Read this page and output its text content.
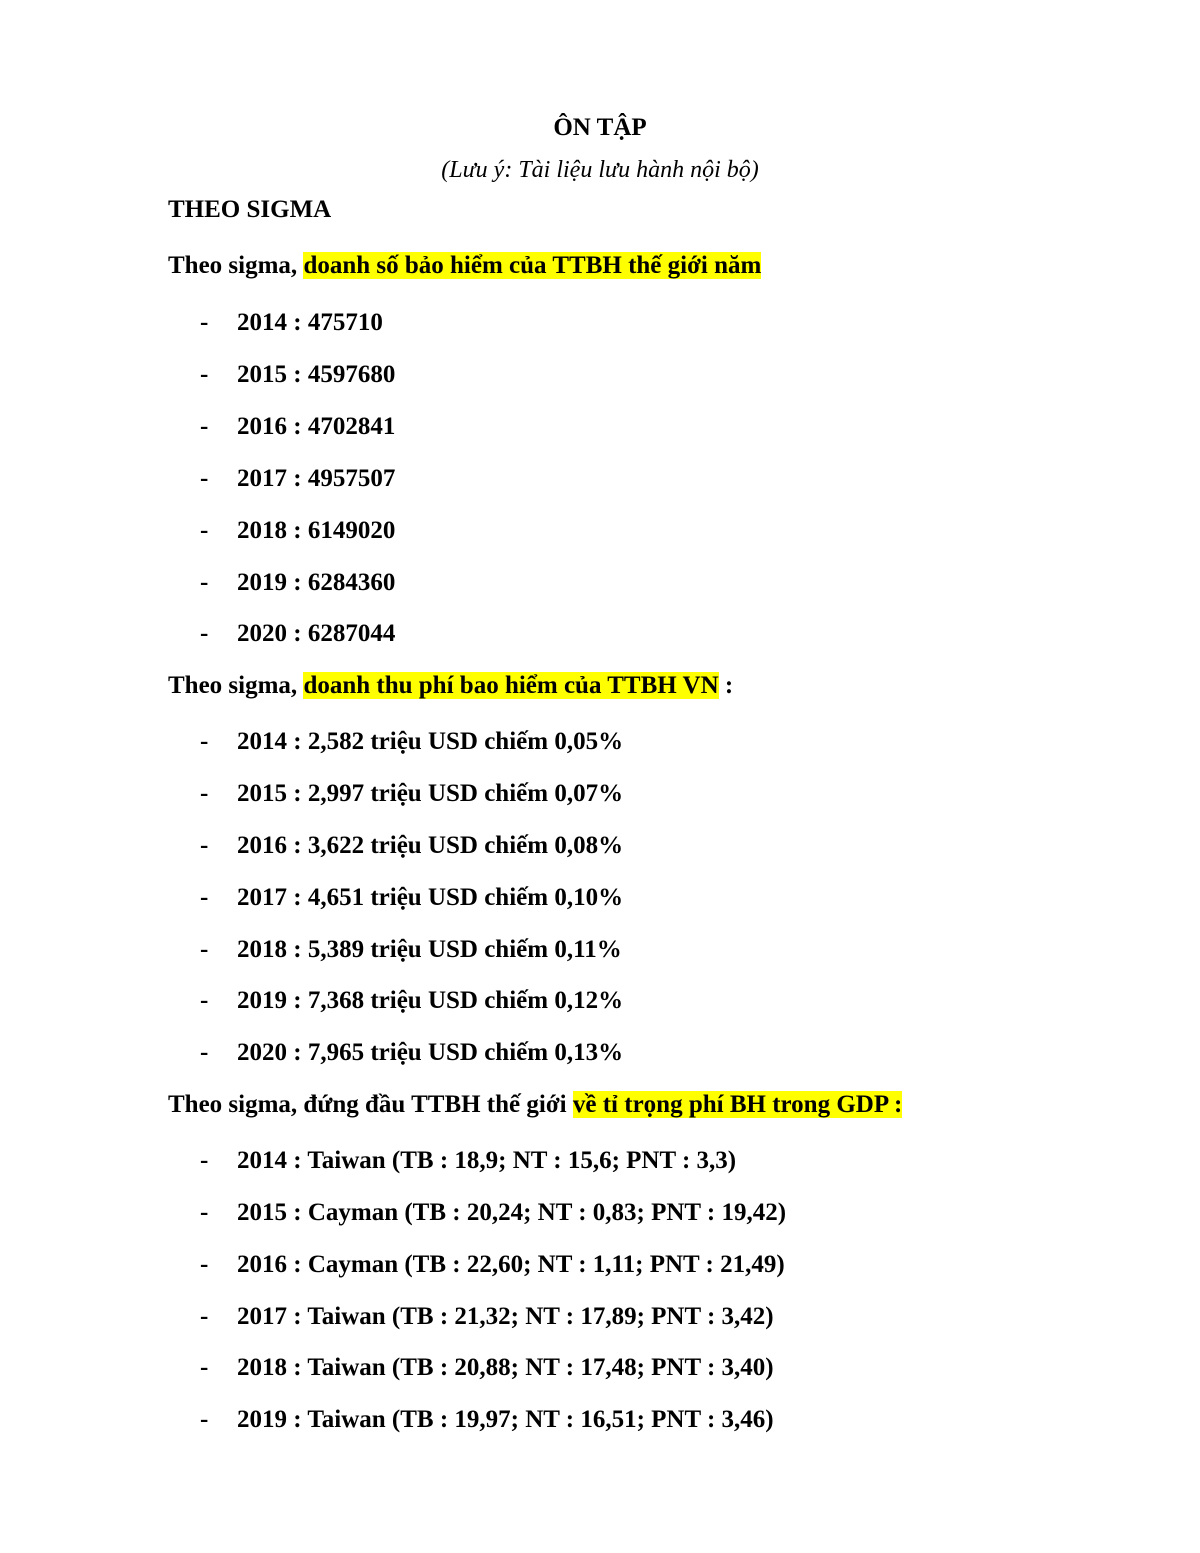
ÔN TẬP
(Lưu ý: Tài liệu lưu hành nội bộ)
THEO SIGMA
Theo sigma, doanh số bảo hiểm của TTBH thế giới năm
- 2014 : 475710
- 2015 : 4597680
- 2016 : 4702841
- 2017 : 4957507
- 2018 : 6149020
- 2019 : 6284360
- 2020 : 6287044
Theo sigma, doanh thu phí bao hiểm của TTBH VN :
- 2014 : 2,582 triệu USD chiếm 0,05%
- 2015 : 2,997 triệu USD chiếm 0,07%
- 2016 : 3,622 triệu USD chiếm 0,08%
- 2017 : 4,651 triệu USD chiếm 0,10%
- 2018 : 5,389 triệu USD chiếm 0,11%
- 2019 : 7,368 triệu USD chiếm 0,12%
- 2020 : 7,965 triệu USD chiếm 0,13%
Theo sigma, đứng đầu TTBH thế giới về tỉ trọng phí BH trong GDP :
- 2014 : Taiwan (TB : 18,9; NT : 15,6; PNT : 3,3)
- 2015 : Cayman (TB : 20,24; NT : 0,83; PNT : 19,42)
- 2016 : Cayman (TB : 22,60; NT : 1,11; PNT : 21,49)
- 2017 : Taiwan (TB : 21,32; NT : 17,89; PNT : 3,42)
- 2018 : Taiwan (TB : 20,88; NT : 17,48; PNT : 3,40)
- 2019 : Taiwan (TB : 19,97; NT : 16,51; PNT : 3,46)
